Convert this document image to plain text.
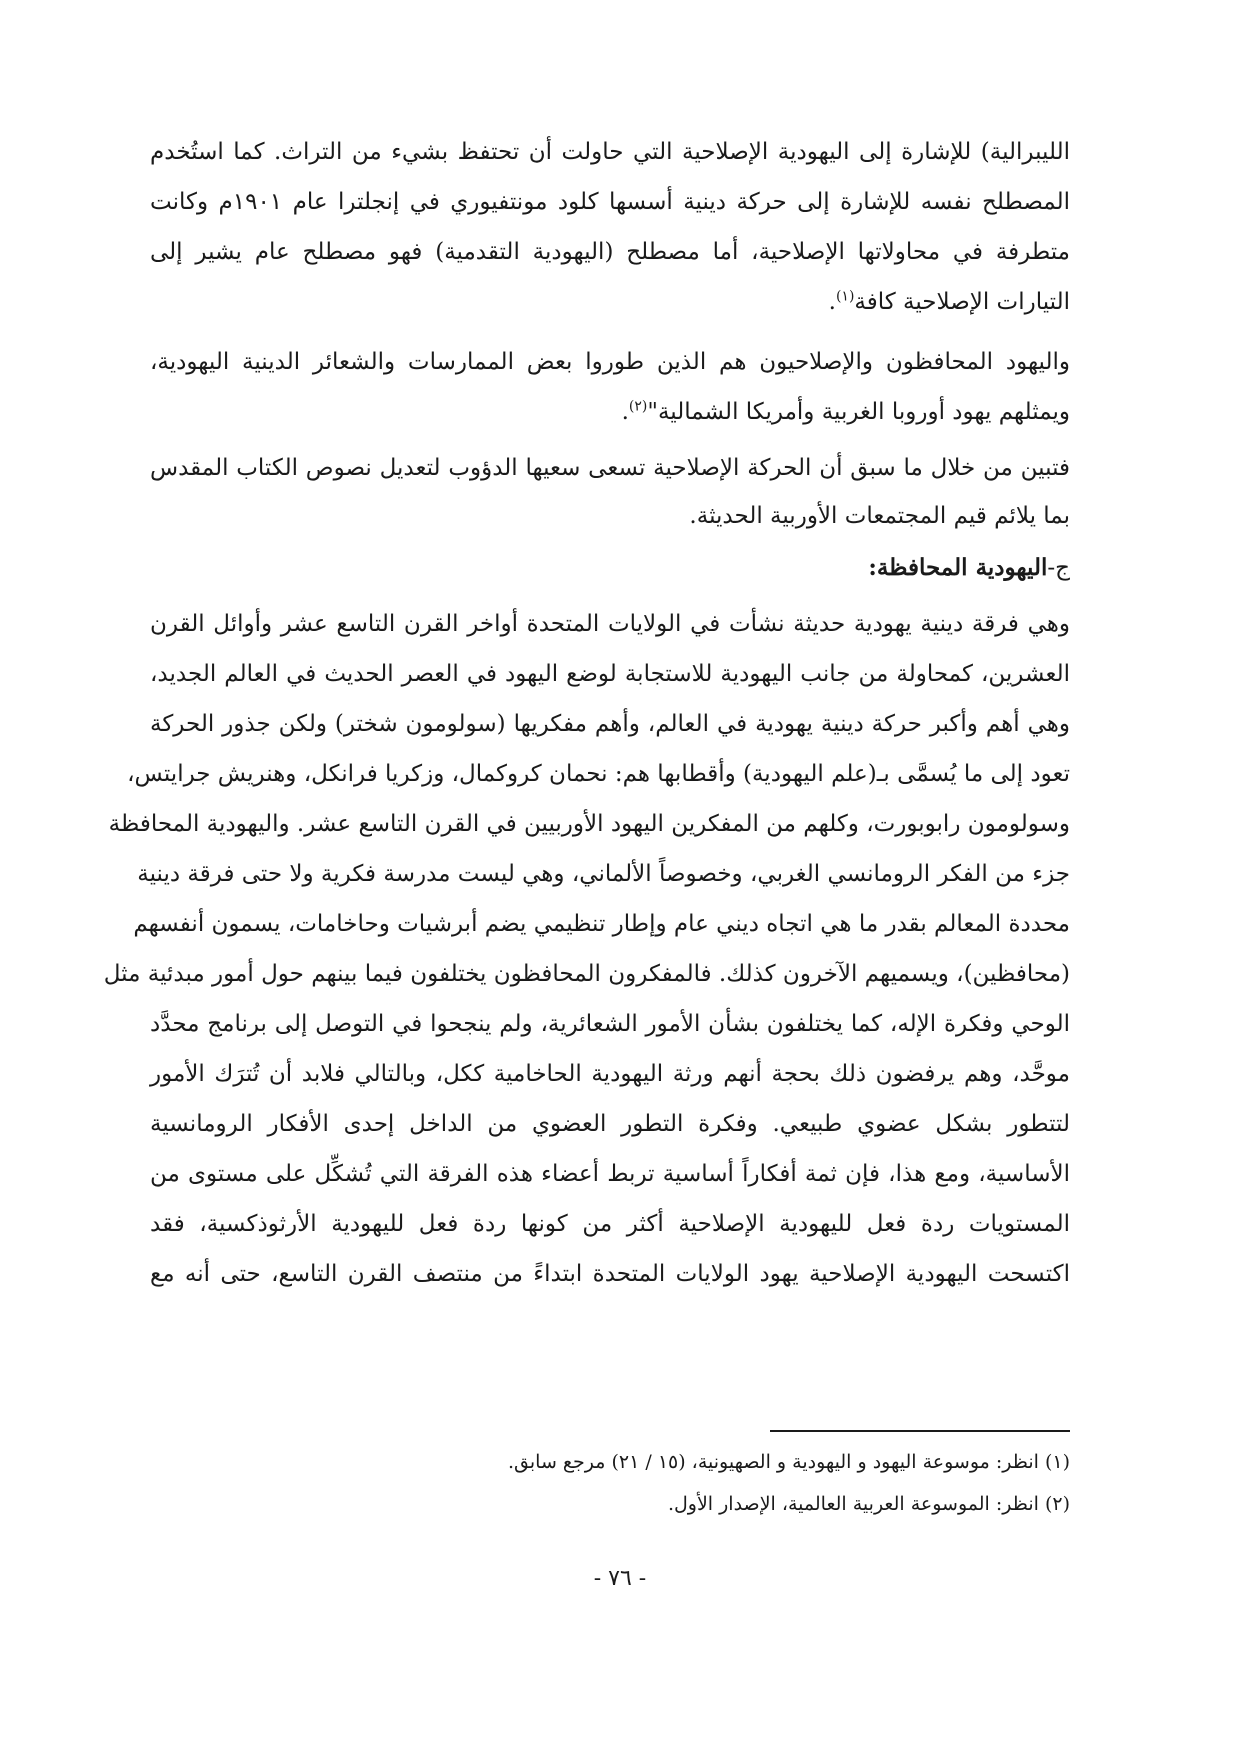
الليبرالية) للإشارة إلى اليهودية الإصلاحية التي حاولت أن تحتفظ بشيء من التراث. كما استُخدم
المصطلح نفسه للإشارة إلى حركة دينية أسسها كلود مونتفيوري في إنجلترا عام ١٩٠١م وكانت
متطرفة في محاولاتها الإصلاحية، أما مصطلح (اليهودية التقدمية) فهو مصطلح عام يشير إلى
التيارات الإصلاحية كافة$^{(١)}$.
واليهود المحافظون والإصلاحيون هم الذين طوروا بعض الممارسات والشعائر الدينية اليهودية،
ويمثلهم يهود أوروبا الغربية وأمريكا الشمالية"$^{(٢)}$.
فتبين من خلال ما سبق أن الحركة الإصلاحية تسعى سعيها الدؤوب لتعديل نصوص الكتاب المقدس
بما يلائم قيم المجتمعات الأوربية الحديثة.
ج-اليهودية المحافظة:
وهي فرقة دينية يهودية حديثة نشأت في الولايات المتحدة أواخر القرن التاسع عشر وأوائل القرن
العشرين، كمحاولة من جانب اليهودية للاستجابة لوضع اليهود في العصر الحديث في العالم الجديد،
وهي أهم وأكبر حركة دينية يهودية في العالم، وأهم مفكريها (سولومون شختر) ولكن جذور الحركة
تعود إلى ما يُسمَّى بـ(علم اليهودية) وأقطابها هم: نحمان كروكمال، وزكريا فرانكل، وهنريش جرايتس،
وسولومون رابوبورت، وكلهم من المفكرين اليهود الأوربيين في القرن التاسع عشر. واليهودية المحافظة
جزء من الفكر الرومانسي الغربي، وخصوصاً الألماني، وهي ليست مدرسة فكرية ولا حتى فرقة دينية
محددة المعالم بقدر ما هي اتجاه ديني عام وإطار تنظيمي يضم أبرشيات وحاخامات، يسمون أنفسهم
(محافظين)، ويسميهم الآخرون كذلك. فالمفكرون المحافظون يختلفون فيما بينهم حول أمور مبدئية مثل
الوحي وفكرة الإله، كما يختلفون بشأن الأمور الشعائرية، ولم ينجحوا في التوصل إلى برنامج محدَّد
موحَّد، وهم يرفضون ذلك بحجة أنهم ورثة اليهودية الحاخامية ككل، وبالتالي فلابد أن تُترَك الأمور
لتتطور بشكل عضوي طبيعي. وفكرة التطور العضوي من الداخل إحدى الأفكار الرومانسية
الأساسية، ومع هذا، فإن ثمة أفكاراً أساسية تربط أعضاء هذه الفرقة التي تُشكِّل على مستوى من
المستويات ردة فعل لليهودية الإصلاحية أكثر من كونها ردة فعل لليهودية الأرثوذكسية، فقد
اكتسحت اليهودية الإصلاحية يهود الولايات المتحدة ابتداءً من منتصف القرن التاسع، حتى أنه مع
(١) انظر: موسوعة اليهود و اليهودية و الصهيونية، (١٥ / ٢١) مرجع سابق.
(٢) انظر: الموسوعة العربية العالمية، الإصدار الأول.
- ٧٦ -
